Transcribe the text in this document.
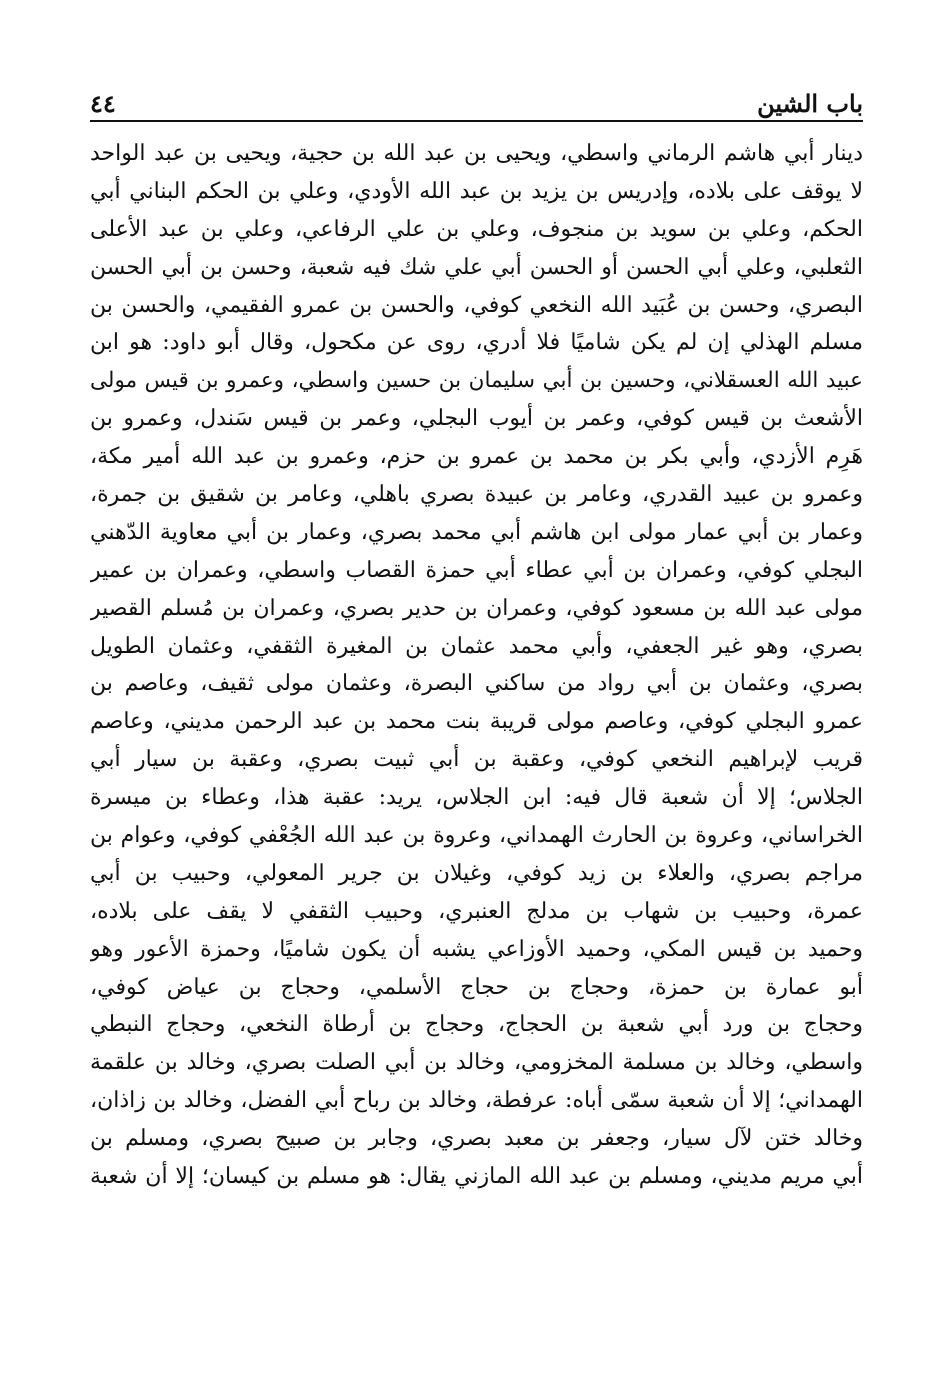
باب الشين
٤٤
دينار أبي هاشم الرماني واسطي، ويحيى بن عبد الله بن حجية، ويحيى بن عبد الواحد
لا يوقف على بلاده، وإدريس بن يزيد بن عبد الله الأودي، وعلي بن الحكم البناني أبي
الحكم، وعلي بن سويد بن منجوف، وعلي بن علي الرفاعي، وعلي بن عبد الأعلى
الثعلبي، وعلي أبي الحسن أو الحسن أبي علي شك فيه شعبة، وحسن بن أبي الحسن
البصري، وحسن بن عُبَيد الله النخعي كوفي، والحسن بن عمرو الفقيمي، والحسن بن
مسلم الهذلي إن لم يكن شاميًا فلا أدري، روى عن مكحول، وقال أبو داود: هو ابن
عبيد الله العسقلاني، وحسين بن أبي سليمان بن حسين واسطي، وعمرو بن قيس مولى
الأشعث بن قيس كوفي، وعمر بن أيوب البجلي، وعمر بن قيس سَندل، وعمرو بن
هَرِم الأزدي، وأبي بكر بن محمد بن عمرو بن حزم، وعمرو بن عبد الله أمير مكة،
وعمرو بن عبيد القدري، وعامر بن عبيدة بصري باهلي، وعامر بن شقيق بن جمرة،
وعمار بن أبي عمار مولى ابن هاشم أبي محمد بصري، وعمار بن أبي معاوية الدّهني
البجلي كوفي، وعمران بن أبي عطاء أبي حمزة القصاب واسطي، وعمران بن عمير
مولى عبد الله بن مسعود كوفي، وعمران بن حدير بصري، وعمران بن مُسلم القصير
بصري، وهو غير الجعفي، وأبي محمد عثمان بن المغيرة الثقفي، وعثمان الطويل
بصري، وعثمان بن أبي رواد من ساكني البصرة، وعثمان مولى ثقيف، وعاصم بن
عمرو البجلي كوفي، وعاصم مولى قريبة بنت محمد بن عبد الرحمن مديني، وعاصم
قريب لإبراهيم النخعي كوفي، وعقبة بن أبي ثبيت بصري، وعقبة بن سيار أبي
الجلاس؛ إلا أن شعبة قال فيه: ابن الجلاس، يريد: عقبة هذا، وعطاء بن ميسرة
الخراساني، وعروة بن الحارث الهمداني، وعروة بن عبد الله الجُعْفي كوفي، وعوام بن
مراجم بصري، والعلاء بن زيد كوفي، وغيلان بن جرير المعولي، وحبيب بن أبي
عمرة، وحبيب بن شهاب بن مدلج العنبري، وحبيب الثقفي لا يقف على بلاده،
وحميد بن قيس المكي، وحميد الأوزاعي يشبه أن يكون شاميًا، وحمزة الأعور وهو
أبو عمارة بن حمزة، وحجاج بن حجاج الأسلمي، وحجاج بن عياض كوفي،
وحجاج بن ورد أبي شعبة بن الحجاج، وحجاج بن أرطاة النخعي، وحجاج النبطي
واسطي، وخالد بن مسلمة المخزومي، وخالد بن أبي الصلت بصري، وخالد بن علقمة
الهمداني؛ إلا أن شعبة سمّى أباه: عرفطة، وخالد بن رباح أبي الفضل، وخالد بن زاذان،
وخالد ختن لآل سيار، وجعفر بن معبد بصري، وجابر بن صبيح بصري، ومسلم بن
أبي مريم مديني، ومسلم بن عبد الله المازني يقال: هو مسلم بن كيسان؛ إلا أن شعبة
